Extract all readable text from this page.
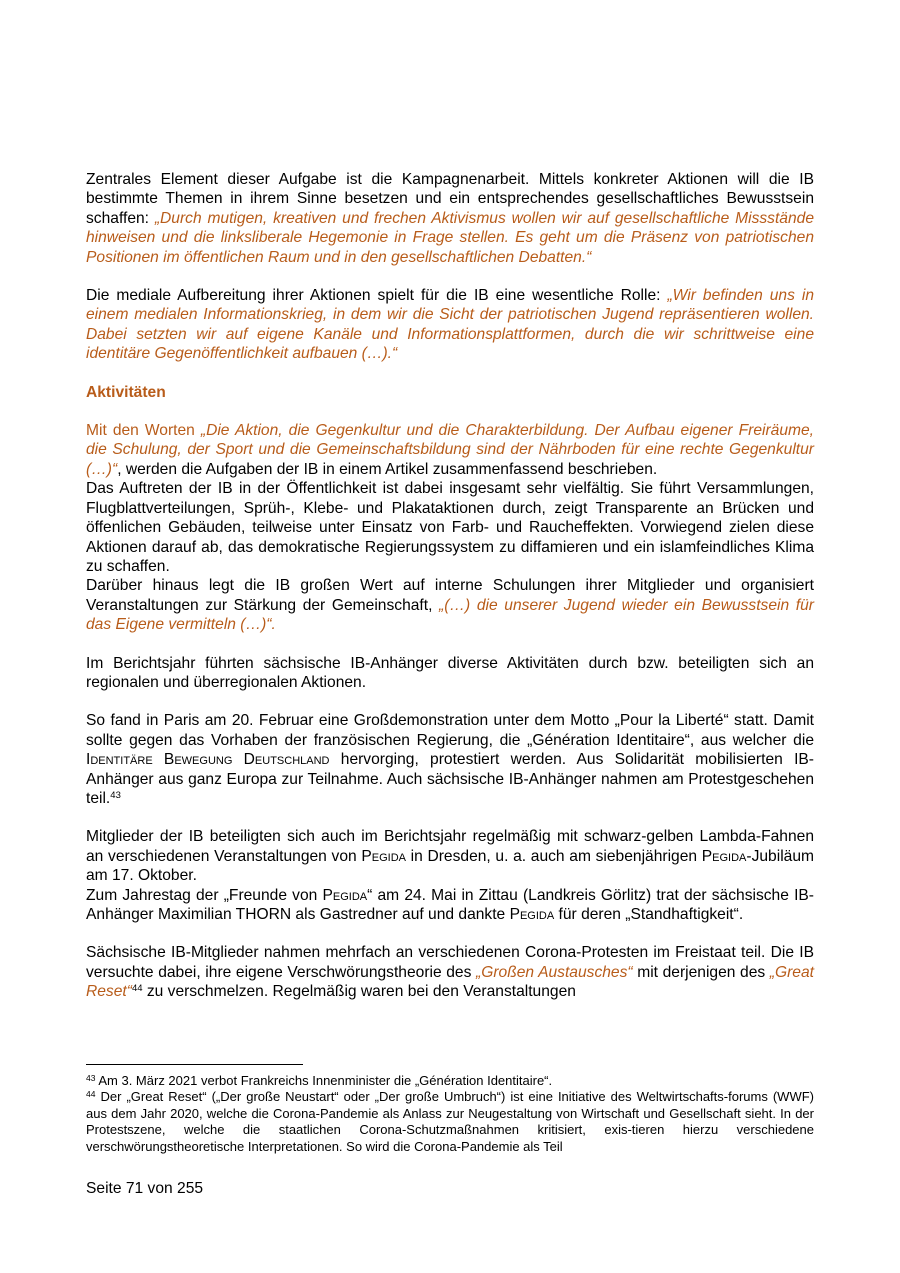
Zentrales Element dieser Aufgabe ist die Kampagnenarbeit. Mittels konkreter Aktionen will die IB bestimmte Themen in ihrem Sinne besetzen und ein entsprechendes gesellschaftliches Bewusstsein schaffen: „Durch mutigen, kreativen und frechen Aktivismus wollen wir auf gesellschaftliche Missstände hinweisen und die linksliberale Hegemonie in Frage stellen. Es geht um die Präsenz von patriotischen Positionen im öffentlichen Raum und in den gesellschaftlichen Debatten.“

Die mediale Aufbereitung ihrer Aktionen spielt für die IB eine wesentliche Rolle: „Wir befinden uns in einem medialen Informationskrieg, in dem wir die Sicht der patriotischen Jugend repräsentieren wollen. Dabei setzten wir auf eigene Kanäle und Informationsplattformen, durch die wir schrittweise eine identitäre Gegenöffentlichkeit aufbauen (…).“

Aktivitäten

Mit den Worten „Die Aktion, die Gegenkultur und die Charakterbildung. Der Aufbau eigener Freiräume, die Schulung, der Sport und die Gemeinschaftsbildung sind der Nährboden für eine rechte Gegenkultur (…)“, werden die Aufgaben der IB in einem Artikel zusammenfassend beschrieben.

Das Auftreten der IB in der Öffentlichkeit ist dabei insgesamt sehr vielfältig. Sie führt Versammlungen, Flugblattverteilungen, Sprüh-, Klebe- und Plakataktionen durch, zeigt Transparente an Brücken und öffenlichen Gebäuden, teilweise unter Einsatz von Farb- und Raucheffekten. Vorwiegend zielen diese Aktionen darauf ab, das demokratische Regierungssystem zu diffamieren und ein islamfeindliches Klima zu schaffen.

Darüber hinaus legt die IB großen Wert auf interne Schulungen ihrer Mitglieder und organisiert Veranstaltungen zur Stärkung der Gemeinschaft, „(…) die unserer Jugend wieder ein Bewusstsein für das Eigene vermitteln (…)“.

Im Berichtsjahr führten sächsische IB-Anhänger diverse Aktivitäten durch bzw. beteiligten sich an regionalen und überregionalen Aktionen.

So fand in Paris am 20. Februar eine Großdemonstration unter dem Motto „Pour la Liberté“ statt. Damit sollte gegen das Vorhaben der französischen Regierung, die „Génération Identitaire“, aus welcher die Identitäre Bewegung Deutschland hervorging, protestiert werden. Aus Solidarität mobilisierten IB-Anhänger aus ganz Europa zur Teilnahme. Auch sächsische IB-Anhänger nahmen am Protestgeschehen teil.$^{43}$

Mitglieder der IB beteiligten sich auch im Berichtsjahr regelmäßig mit schwarz-gelben Lambda-Fahnen an verschiedenen Veranstaltungen von Pegida in Dresden, u. a. auch am siebenjährigen Pegida-Jubiläum am 17. Oktober.

Zum Jahrestag der „Freunde von Pegida“ am 24. Mai in Zittau (Landkreis Görlitz) trat der sächsische IB-Anhänger Maximilian THORN als Gastredner auf und dankte Pegida für deren „Standhaftigkeit“.

Sächsische IB-Mitglieder nahmen mehrfach an verschiedenen Corona-Protesten im Freistaat teil. Die IB versuchte dabei, ihre eigene Verschwörungstheorie des „Großen Austausches“ mit derjenigen des „Great Reset“$^{44}$ zu verschmelzen. Regelmäßig waren bei den Veranstaltungen

$^{43}$ Am 3. März 2021 verbot Frankreichs Innenminister die „Génération Identitaire“.

$^{44}$ Der „Great Reset“ („Der große Neustart“ oder „Der große Umbruch“) ist eine Initiative des Weltwirtschafts-forums (WWF) aus dem Jahr 2020, welche die Corona-Pandemie als Anlass zur Neugestaltung von Wirtschaft und Gesellschaft sieht. In der Protestszene, welche die staatlichen Corona-Schutzmaßnahmen kritisiert, exis-tieren hierzu verschiedene verschwörungstheoretische Interpretationen. So wird die Corona-Pandemie als Teil

Seite 71 von 255
